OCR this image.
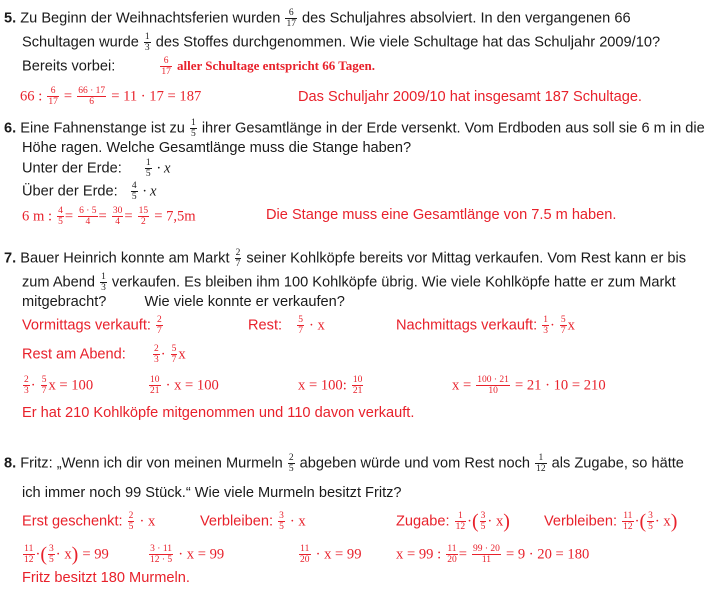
5. Zu Beginn der Weihnachtsferien wurden $\frac{6}{17}$ des Schuljahres absolviert. In den vergangenen 66
Schultagen wurde $\frac{1}{3}$ des Stoffes durchgenommen. Wie viele Schultage hat das Schuljahr 2009/10?
Bereits vorbei:	$\frac{6}{17}$ aller Schultage entspricht 66 Tagen.
66 : $\frac{6}{17} = \frac{66 \cdot 17}{6} = 11 \cdot 17 = 187$	Das Schuljahr 2009/10 hat insgesamt 187 Schultage.
6. Eine Fahnenstange ist zu $\frac{1}{5}$ ihrer Gesamtlänge in der Erde versenkt. Vom Erdboden aus soll sie 6 m in die
Höhe ragen. Welche Gesamtlänge muss die Stange haben?
Unter der Erde: $\frac{1}{5} \cdot x$
Über der Erde: $\frac{4}{5} \cdot x$
6 m : $\frac{4}{5} = \frac{6 \cdot 5}{4} = \frac{30}{4} = \frac{15}{2} = 7,5m$	Die Stange muss eine Gesamtlänge von 7.5 m haben.
7. Bauer Heinrich konnte am Markt $\frac{2}{7}$ seiner Kohlköpfe bereits vor Mittag verkaufen. Vom Rest kann er bis
zum Abend $\frac{1}{3}$ verkaufen. Es bleiben ihm 100 Kohlköpfe übrig. Wie viele Kohlköpfe hatte er zum Markt
mitgebracht?	Wie viele konnte er verkaufen?
Vormittags verkauft: $\frac{2}{7}$	Rest: $\frac{5}{7} \cdot x$	Nachmittags verkauft: $\frac{1}{3} \cdot \frac{5}{7}$ x
Rest am Abend:	$\frac{2}{3} \cdot \frac{5}{7}$ x
$\frac{2}{3} \cdot \frac{5}{7}$ x = 100	$\frac{10}{21} \cdot x = 100$	x = 100: $\frac{10}{21}$	$x = \frac{100 \cdot 21}{10} = 21 \cdot 10 = 210$
Er hat 210 Kohlköpfe mitgenommen und 110 davon verkauft.
8. Fritz: „Wenn ich dir von meinen Murmeln $\frac{2}{5}$ abgeben würde und vom Rest noch $\frac{1}{12}$ als Zugabe, so hätte
ich immer noch 99 Stück.“ Wie viele Murmeln besitzt Fritz?
Erst geschenkt: $\frac{2}{5} \cdot x$	Verbleiben: $\frac{3}{5} \cdot x$	Zugabe: $\frac{1}{12}$ ·( $\frac{3}{5} \cdot x$) Verbleiben: $\frac{11}{12}$ ·( $\frac{3}{5} \cdot x$)
$\frac{11}{12}$ ·( $\frac{3}{5} \cdot x) = 99$	$\frac{3 \cdot 11}{12 \cdot 5} \cdot x = 99$	$\frac{11}{20} \cdot x = 99$ x = 99 : $\frac{11}{20} = \frac{99 \cdot 20}{11} = 9 \cdot 20 = 180$
Fritz besitzt 180 Murmeln.
